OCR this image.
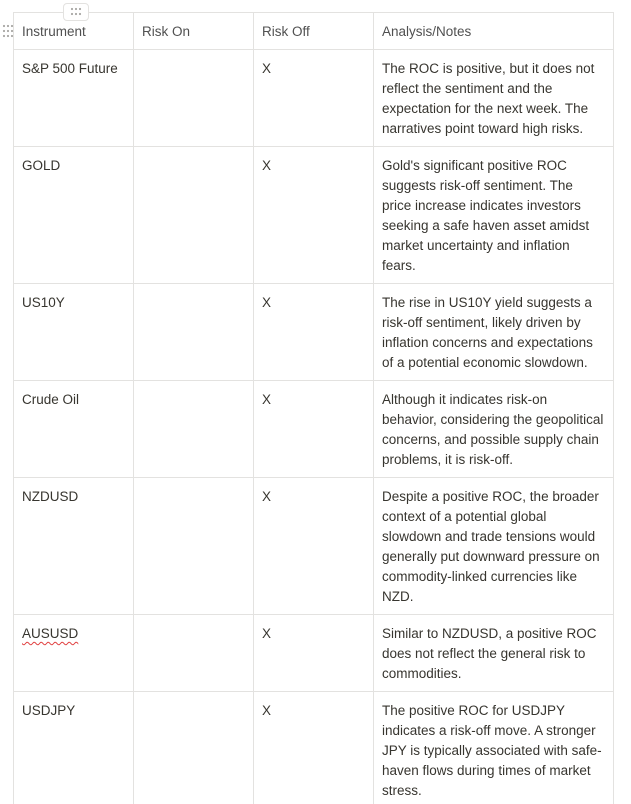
Instrument	Risk On	Risk Off	Analysis/Notes
S&P 500 Future		X	The ROC is positive, but it does not reflect the sentiment and the expectation for the next week. The narratives point toward high risks.
GOLD		X	Gold's significant positive ROC suggests risk-off sentiment. The price increase indicates investors seeking a safe haven asset amidst market uncertainty and inflation fears.
US10Y		X	The rise in US10Y yield suggests a risk-off sentiment, likely driven by inflation concerns and expectations of a potential economic slowdown.
Crude Oil		X	Although it indicates risk-on behavior, considering the geopolitical concerns, and possible supply chain problems, it is risk-off.
NZDUSD		X	Despite a positive ROC, the broader context of a potential global slowdown and trade tensions would generally put downward pressure on commodity-linked currencies like NZD.
AUSUSD		X	Similar to NZDUSD, a positive ROC does not reflect the general risk to commodities.
USDJPY		X	The positive ROC for USDJPY indicates a risk-off move. A stronger JPY is typically associated with safe-haven flows during times of market stress.
